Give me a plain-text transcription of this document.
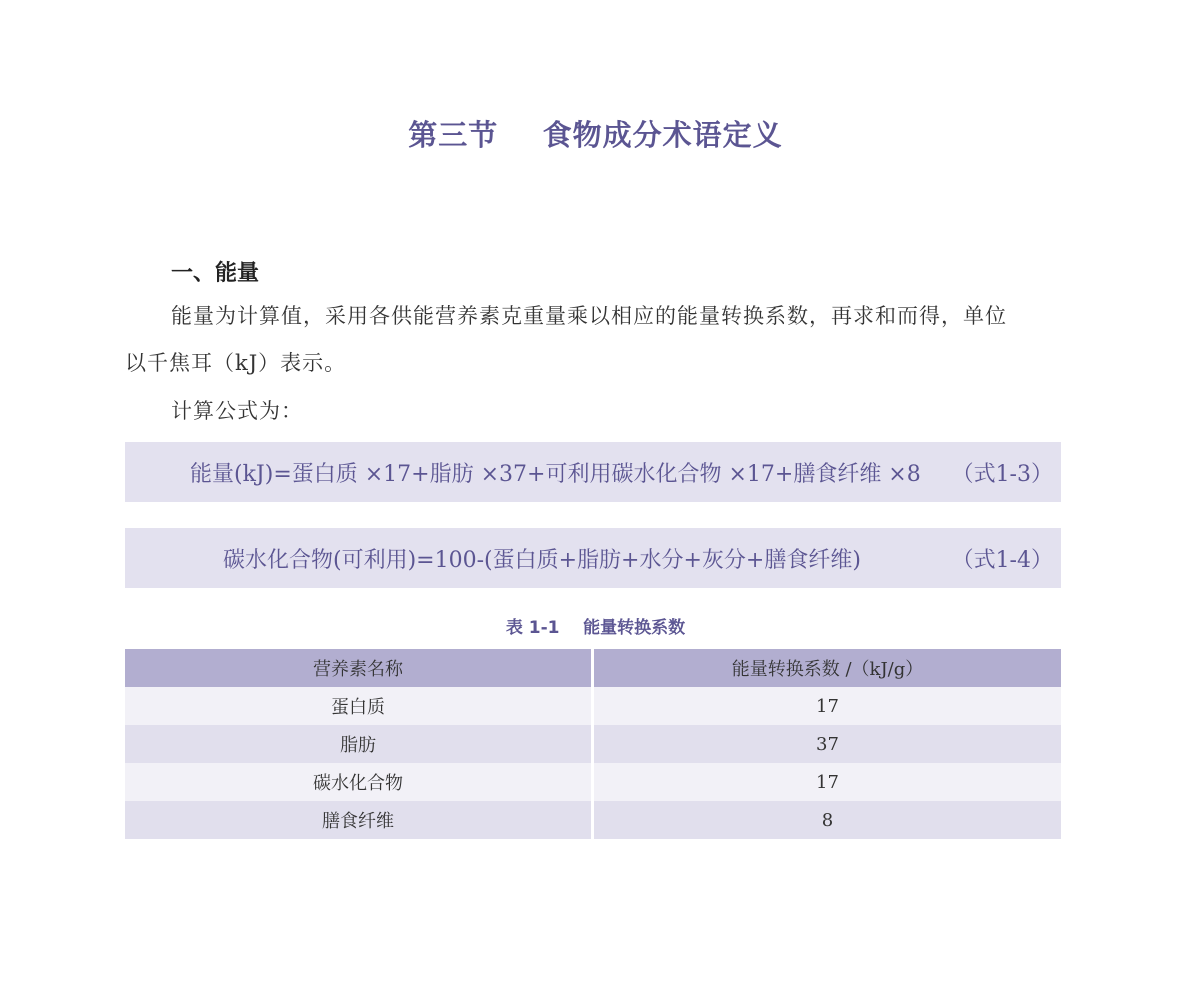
第三节    食物成分术语定义
一、能量
能量为计算值，采用各供能营养素克重量乘以相应的能量转换系数，再求和而得，单位
以千焦耳（kJ）表示。
计算公式为：
能量(kJ)=蛋白质 ×17+脂肪 ×37+可利用碳水化合物 ×17+膳食纤维 ×8 （式1-3）
碳水化合物(可利用)=100-(蛋白质+脂肪+水分+灰分+膳食纤维)	（式1-4）
表 1-1    能量转换系数
营养素名称	能量转换系数 /（kJ/g）
蛋白质	17
脂肪	37
碳水化合物	17
膳食纤维	8
